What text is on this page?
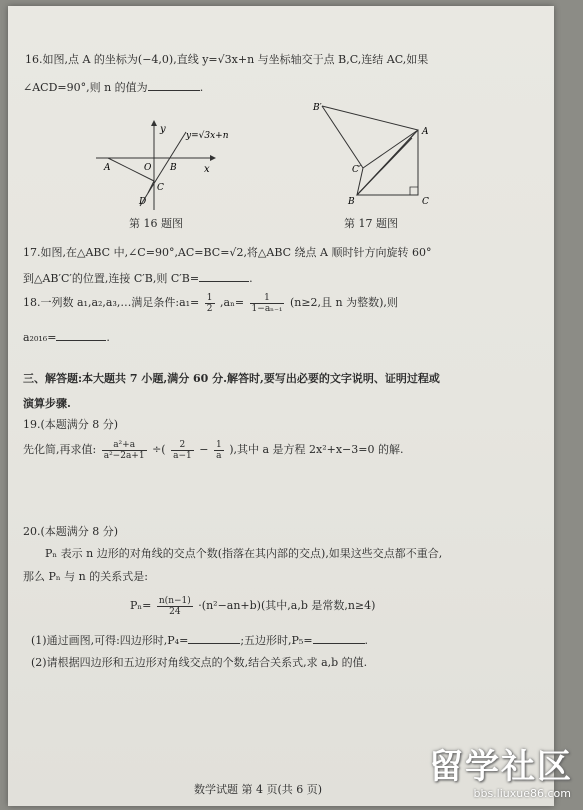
16.如图,点 A 的坐标为(−4,0),直线 y=√3x+n 与坐标轴交于点 B,C,连结 AC,如果
∠ACD=90°,则 n 的值为	.
y
x
y=√3x+n
O
A	B
C
D
第 16 题图
B′
A
C′
B	C
第 17 题图
17.如图,在△ABC 中,∠C=90°,AC=BC=√2,将△ABC 绕点 A 顺时针方向旋转 60°
到△AB′C′的位置,连接 C′B,则 C′B=	.
18.一列数 a₁,a₂,a₃,…满足条件:a₁= $\frac{1}{2} ,a_n= \frac{1}{\text{1−aₙ₋₁}} (n\ge 2$,且 n 为整数),则
a₂₀₁₆=	.
三、解答题:本大题共 7 小题,满分 60 分.解答时,要写出必要的文字说明、证明过程或
演算步骤.
19.(本题满分 8 分)
先化简,再求值: $\frac{\text{a²+a}}{\text{a²−2a+1}}$ ÷( $\frac{2}{a-1} - \frac{1}{a}$ ),其中 a 是方程 2x²+x−3=0 的解.
20.(本题满分 8 分)
Pₙ 表示 n 边形的对角线的交点个数(指落在其内部的交点),如果这些交点都不重合,
那么 Pₙ 与 n 的关系式是:
$P_n= \frac{n(n-1)}{24} \cdot(n^2-an+b)$(其中,a,b 是常数,n≥4)
(1)通过画图,可得:四边形时,P₄=	;五边形时,P₅=	.
(2)请根据四边形和五边形对角线交点的个数,结合关系式,求 a,b 的值.
数学试题 第 4 页(共 6 页)
留学社区
bbs.liuxue86.com
